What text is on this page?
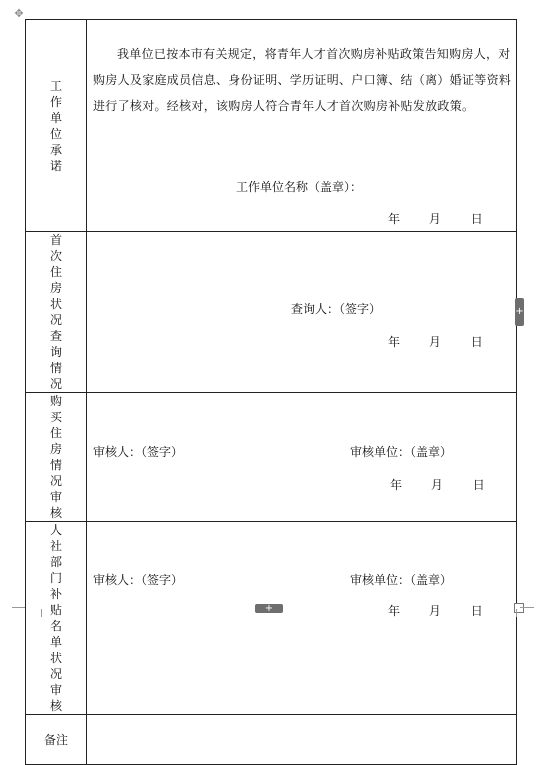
✥
工作单位承诺	我单位已按本市有关规定，将青年人才首次购房补贴政策告知购房人，对购房人及家庭成员信息、身份证明、学历证明、户口簿、结（离）婚证等资料进行了核对。经核对，该购房人符合青年人才首次购房补贴发放政策。
工作单位名称（盖章）：
年 月 日

首次住房状况查询情况	查询人：（签字）
年 月 日

购买住房情况审核	审核人：（签字） 审核单位：（盖章）
年 月 日

人社部门补贴名单状况审核	审核人：（签字） 审核单位：（盖章）
年 月 日

备注	
+
+
